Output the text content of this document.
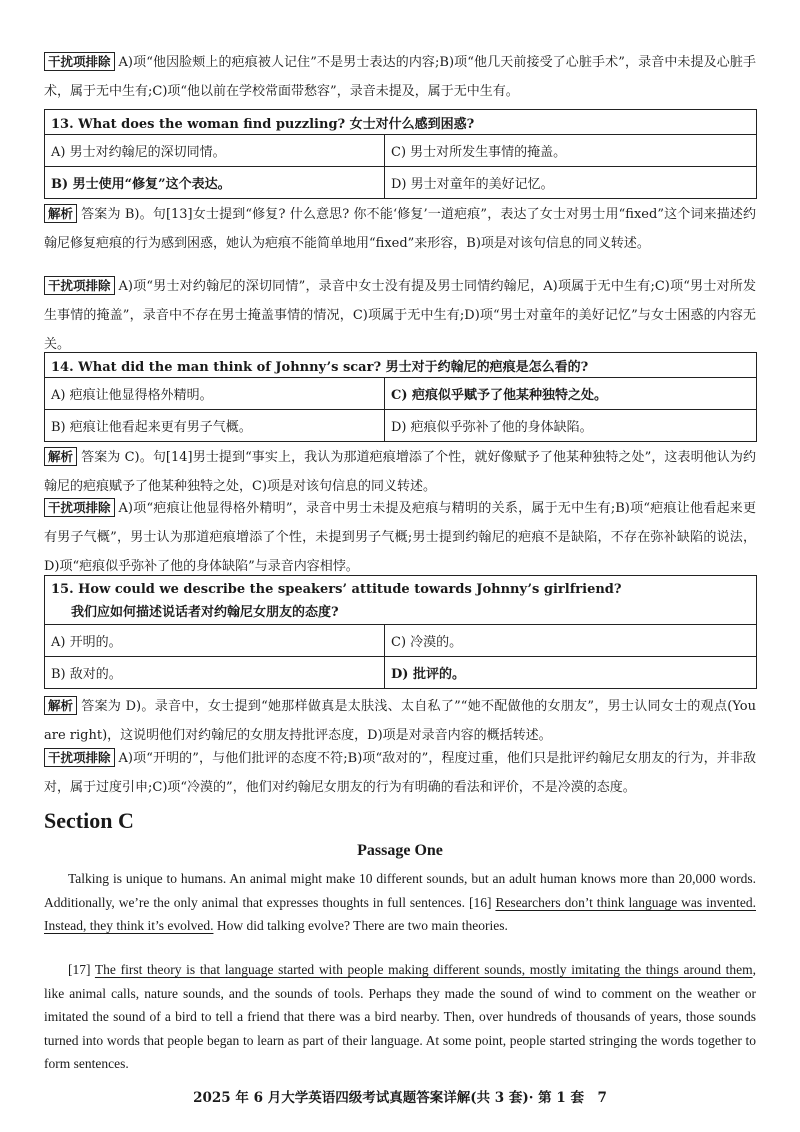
干扰项排除 A)项“他因脸颊上的疤痕被人记住”不是男士表达的内容;B)项“他几天前接受了心脏手术”，录音中未提及心脏手术，属于无中生有;C)项“他以前在学校常面带愁容”，录音未提及，属于无中生有。
13. What does the woman find puzzling? 女士对什么感到困惑?	
A) 男士对约翰尼的深切同情。	C) 男士对所发生事情的掩盖。
B) 男士使用“修复”这个表达。	D) 男士对童年的美好记忆。
解析 答案为 B)。句[13]女士提到“修复? 什么意思? 你不能‘修复’一道疤痕”，表达了女士对男士用“fixed”这个词来描述约翰尼修复疤痕的行为感到困惑，她认为疤痕不能简单地用“fixed”来形容，B)项是对该句信息的同义转述。
干扰项排除 A)项“男士对约翰尼的深切同情”，录音中女士没有提及男士同情约翰尼，A)项属于无中生有;C)项“男士对所发生事情的掩盖”，录音中不存在男士掩盖事情的情况，C)项属于无中生有;D)项“男士对童年的美好记忆”与女士困惑的内容无关。
14. What did the man think of Johnny’s scar? 男士对于约翰尼的疤痕是怎么看的?	
A) 疤痕让他显得格外精明。	C) 疤痕似乎赋予了他某种独特之处。
B) 疤痕让他看起来更有男子气概。	D) 疤痕似乎弥补了他的身体缺陷。
解析 答案为 C)。句[14]男士提到“事实上，我认为那道疤痕增添了个性，就好像赋予了他某种独特之处”，这表明他认为约翰尼的疤痕赋予了他某种独特之处，C)项是对该句信息的同义转述。
干扰项排除 A)项“疤痕让他显得格外精明”，录音中男士未提及疤痕与精明的关系，属于无中生有;B)项“疤痕让他看起来更有男子气概”，男士认为那道疤痕增添了个性，未提到男子气概;男士提到约翰尼的疤痕不是缺陷，不存在弥补缺陷的说法，D)项“疤痕似乎弥补了他的身体缺陷”与录音内容相悖。
15. How could we describe the speakers’ attitude towards Johnny’s girlfriend?
我们应如何描述说话者对约翰尼女朋友的态度?	

A) 开明的。	C) 冷漠的。
B) 敌对的。	D) 批评的。
解析 答案为 D)。录音中，女士提到“她那样做真是太肤浅、太自私了”“她不配做他的女朋友”，男士认同女士的观点(You are right)，这说明他们对约翰尼的女朋友持批评态度，D)项是对录音内容的概括转述。
干扰项排除 A)项“开明的”，与他们批评的态度不符;B)项“敌对的”，程度过重，他们只是批评约翰尼女朋友的行为，并非敌对，属于过度引申;C)项“冷漠的”，他们对约翰尼女朋友的行为有明确的看法和评价，不是冷漠的态度。
Section C
Passage One
Talking is unique to humans. An animal might make 10 different sounds, but an adult human knows more than 20,000 words. Additionally, we’re the only animal that expresses thoughts in full sentences. [16] Researchers don’t think language was invented. Instead, they think it’s evolved. How did talking evolve? There are two main theories.
[17] The first theory is that language started with people making different sounds, mostly imitating the things around them, like animal calls, nature sounds, and the sounds of tools. Perhaps they made the sound of wind to comment on the weather or imitated the sound of a bird to tell a friend that there was a bird nearby. Then, over hundreds of thousands of years, those sounds turned into words that people began to learn as part of their language. At some point, people started stringing the words together to form sentences.
2025 年 6 月大学英语四级考试真题答案详解(共 3 套)· 第 1 套　7
